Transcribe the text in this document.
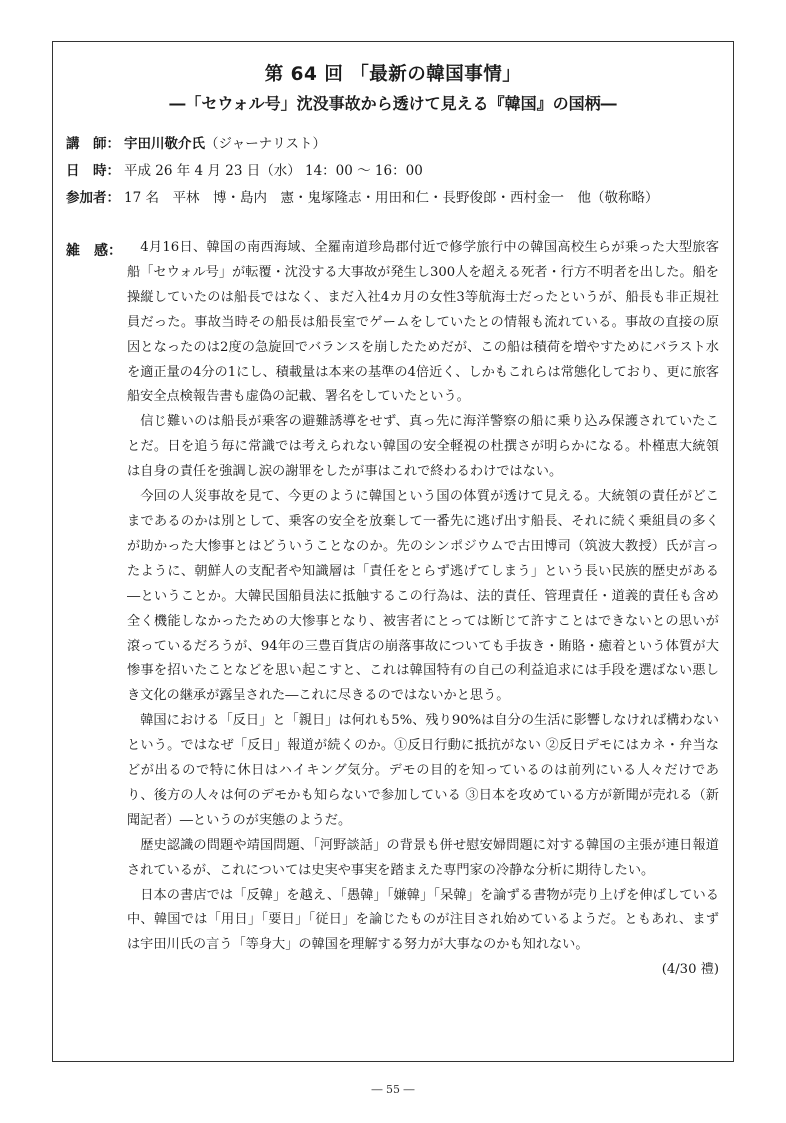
第 64 回 「最新の韓国事情」
―「セウォル号」沈没事故から透けて見える『韓国』の国柄―
講　師： 宇田川敬介氏（ジャーナリスト）
日　時： 平成 26 年 4 月 23 日（水） 14：00 〜 16：00
参加者： 17 名　平林　博・島内　憲・鬼塚隆志・用田和仁・長野俊郎・西村金一　他（敬称略）
雑　感：	4月16日、韓国の南西海域、全羅南道珍島郡付近で修学旅行中の韓国高校生らが乗った大型旅客船「セウォル号」が転覆・沈没する大事故が発生し300人を超える死者・行方不明者を出した。船を操縦していたのは船長ではなく、まだ入社4カ月の女性3等航海士だったというが、船長も非正規社員だった。事故当時その船長は船長室でゲームをしていたとの情報も流れている。事故の直接の原因となったのは2度の急旋回でバランスを崩したためだが、この船は積荷を増やすためにバラスト水を適正量の4分の1にし、積載量は本来の基準の4倍近く、しかもこれらは常態化しており、更に旅客船安全点検報告書も虚偽の記載、署名をしていたという。

信じ難いのは船長が乗客の避難誘導をせず、真っ先に海洋警察の船に乗り込み保護されていたことだ。日を追う毎に常識では考えられない韓国の安全軽視の杜撰さが明らかになる。朴槿恵大統領は自身の責任を強調し涙の謝罪をしたが事はこれで終わるわけではない。

今回の人災事故を見て、今更のように韓国という国の体質が透けて見える。大統領の責任がどこまであるのかは別として、乗客の安全を放棄して一番先に逃げ出す船長、それに続く乗組員の多くが助かった大惨事とはどういうことなのか。先のシンポジウムで古田博司（筑波大教授）氏が言ったように、朝鮮人の支配者や知識層は「責任をとらず逃げてしまう」という長い民族的歴史がある―ということか。大韓民国船員法に抵触するこの行為は、法的責任、管理責任・道義的責任も含め全く機能しなかったための大惨事となり、被害者にとっては断じて許すことはできないとの思いが滾っているだろうが、94年の三豊百貨店の崩落事故についても手抜き・賄賂・癒着という体質が大惨事を招いたことなどを思い起こすと、これは韓国特有の自己の利益追求には手段を選ばない悪しき文化の継承が露呈された―これに尽きるのではないかと思う。

韓国における「反日」と「親日」は何れも5%、残り90%は自分の生活に影響しなければ構わないという。ではなぜ「反日」報道が続くのか。①反日行動に抵抗がない ②反日デモにはカネ・弁当などが出るので特に休日はハイキング気分。デモの目的を知っているのは前列にいる人々だけであり、後方の人々は何のデモかも知らないで参加している ③日本を攻めている方が新聞が売れる（新聞記者）―というのが実態のようだ。

歴史認識の問題や靖国問題、「河野談話」の背景も併せ慰安婦問題に対する韓国の主張が連日報道されているが、これについては史実や事実を踏まえた専門家の冷静な分析に期待したい。

日本の書店では「反韓」を越え、「愚韓」「嫌韓」「呆韓」を論ずる書物が売り上げを伸ばしている中、韓国では「用日」「要日」「従日」を論じたものが注目され始めているようだ。ともあれ、まずは宇田川氏の言う「等身大」の韓国を理解する努力が大事なのかも知れない。

(4/30 禮)
― 55 ―
